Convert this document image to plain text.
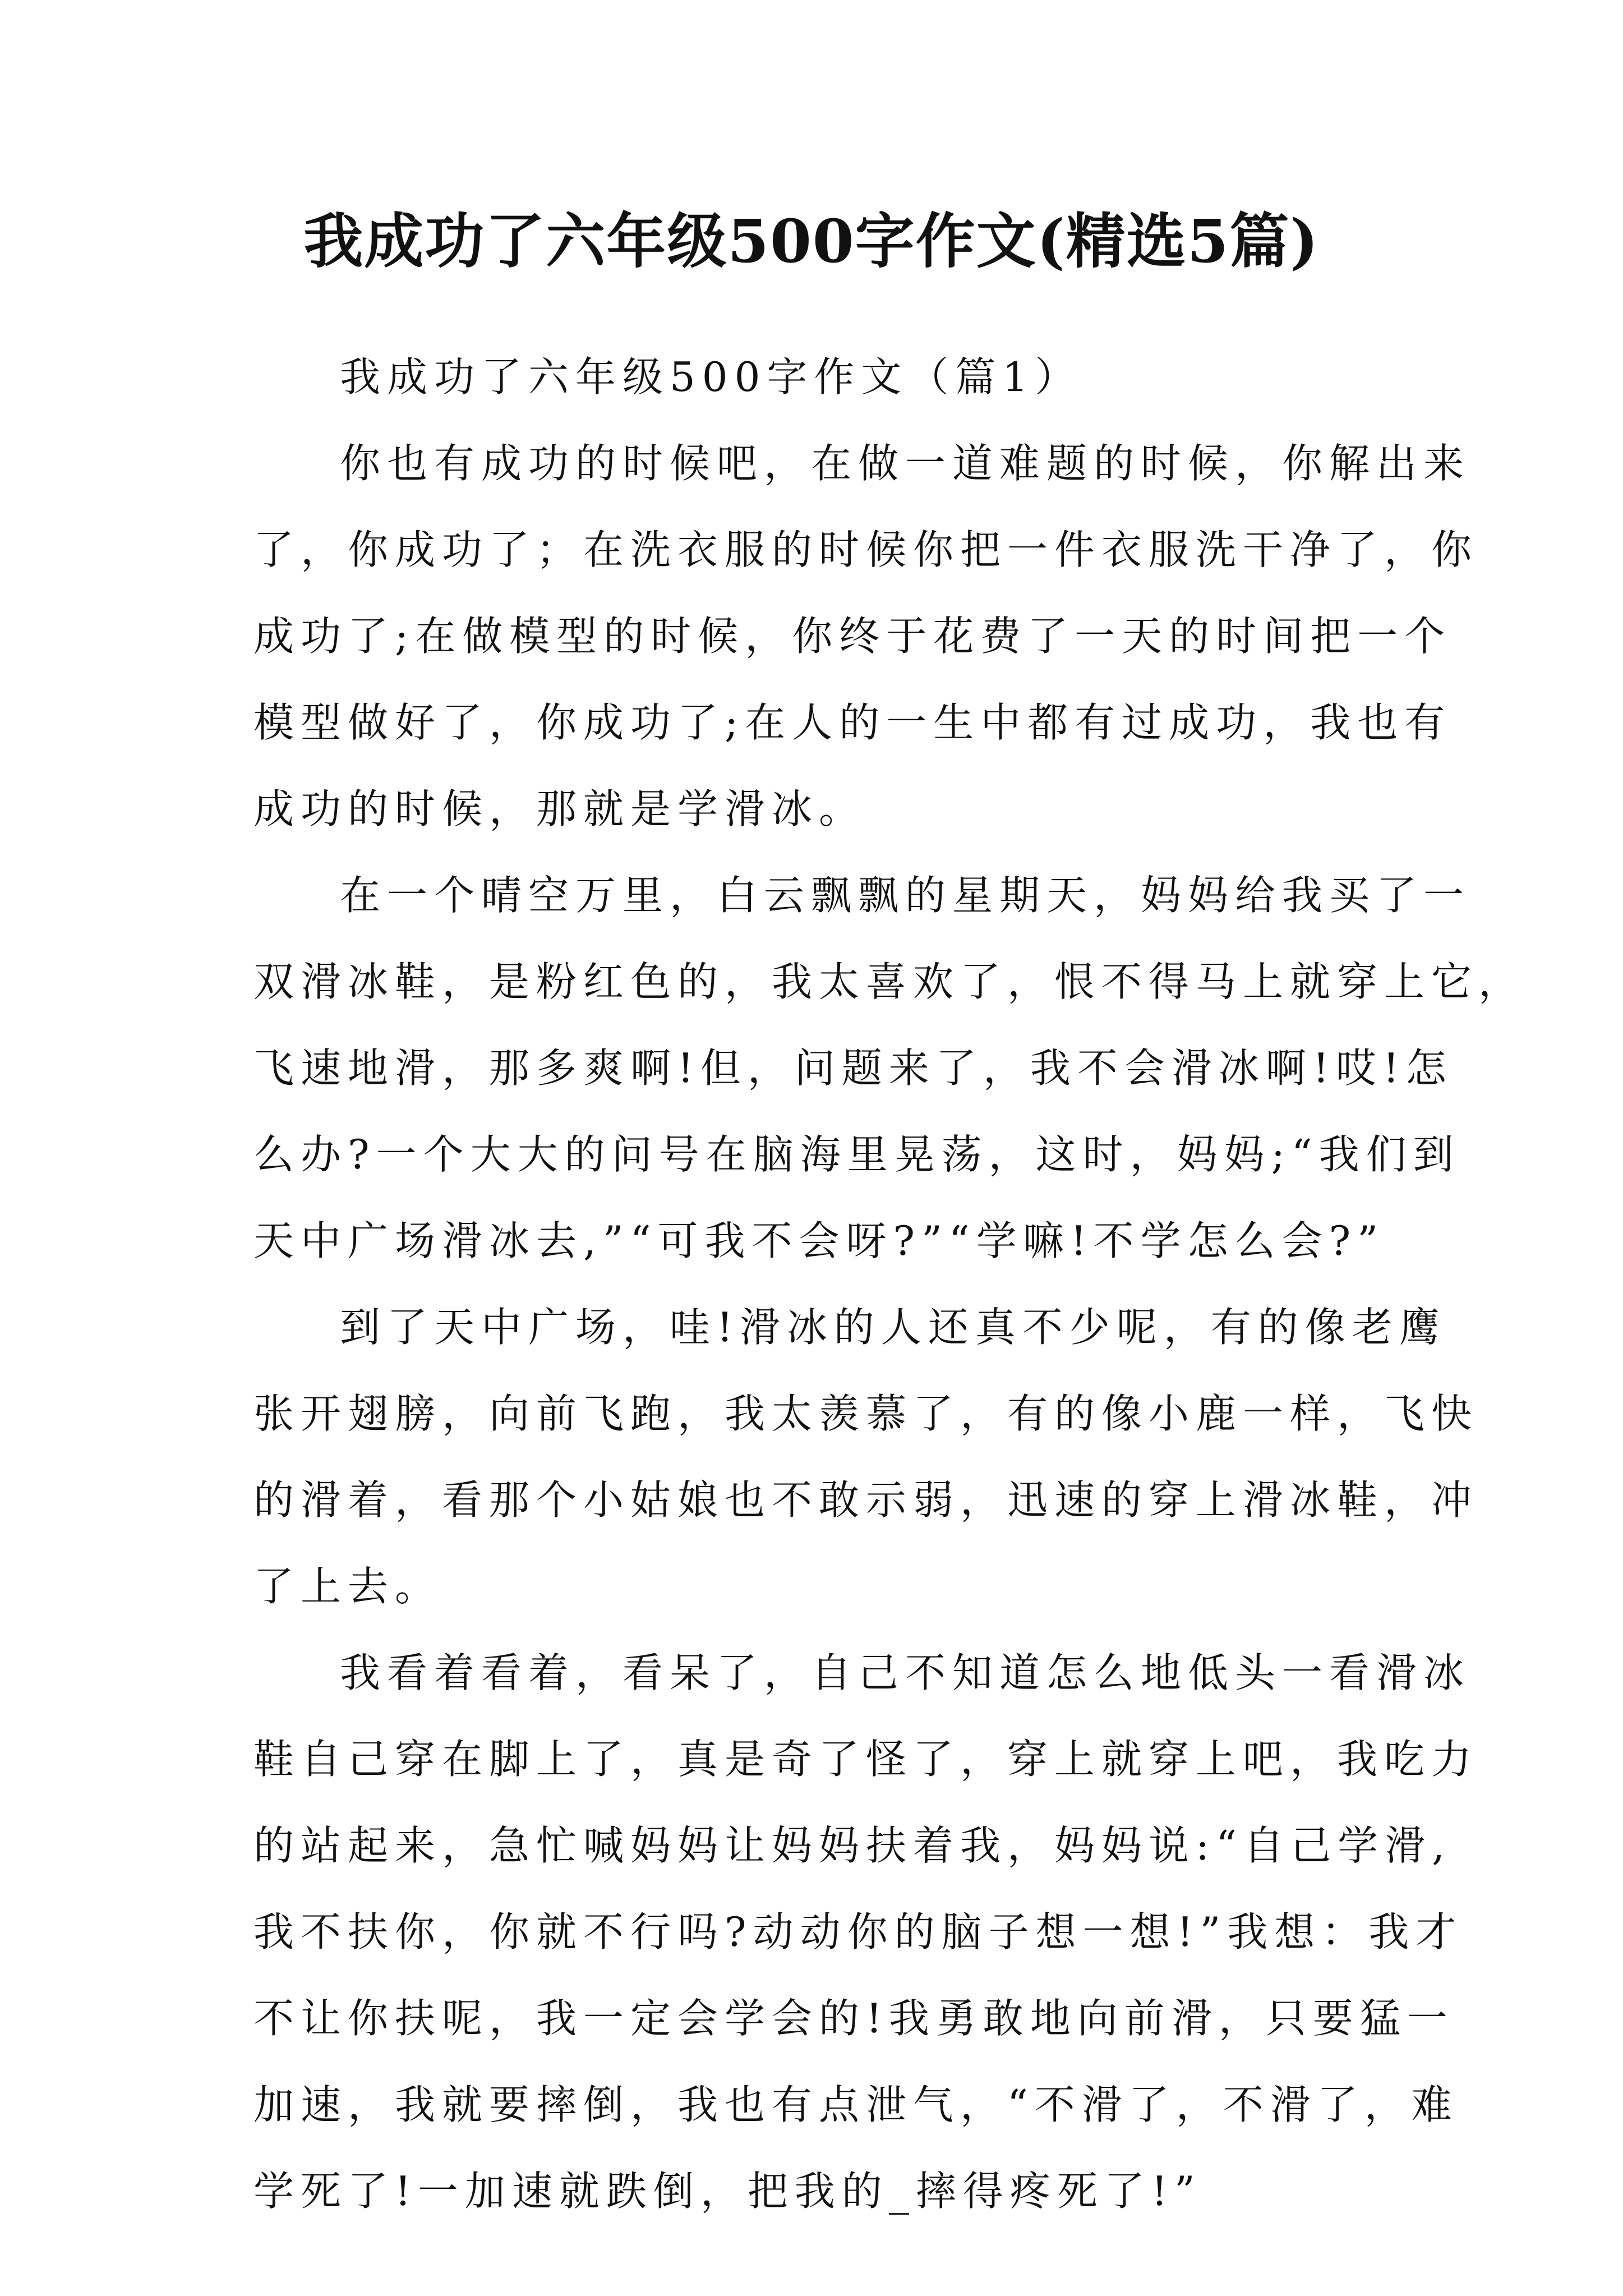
我成功了六年级500字作文(精选5篇)

我成功了六年级500字作文（篇1）

你也有成功的时候吧，在做一道难题的时候，你解出来
了，你成功了；在洗衣服的时候你把一件衣服洗干净了，你
成功了;在做模型的时候，你终于花费了一天的时间把一个
模型做好了，你成功了;在人的一生中都有过成功，我也有
成功的时候，那就是学滑冰。

在一个晴空万里，白云飘飘的星期天，妈妈给我买了一
双滑冰鞋，是粉红色的，我太喜欢了，恨不得马上就穿上它，
飞速地滑，那多爽啊!但，问题来了，我不会滑冰啊!哎!怎
么办?一个大大的问号在脑海里晃荡，这时，妈妈;“我们到
天中广场滑冰去,”“可我不会呀?”“学嘛!不学怎么会?”

到了天中广场，哇!滑冰的人还真不少呢，有的像老鹰
张开翅膀，向前飞跑，我太羡慕了，有的像小鹿一样，飞快
的滑着，看那个小姑娘也不敢示弱，迅速的穿上滑冰鞋，冲
了上去。

我看着看着，看呆了，自己不知道怎么地低头一看滑冰
鞋自己穿在脚上了，真是奇了怪了，穿上就穿上吧，我吃力
的站起来，急忙喊妈妈让妈妈扶着我，妈妈说:“自己学滑,
我不扶你，你就不行吗?动动你的脑子想一想!”我想：我才
不让你扶呢，我一定会学会的!我勇敢地向前滑，只要猛一
加速，我就要摔倒，我也有点泄气，“不滑了，不滑了，难
学死了!一加速就跌倒，把我的_摔得疼死了!”
